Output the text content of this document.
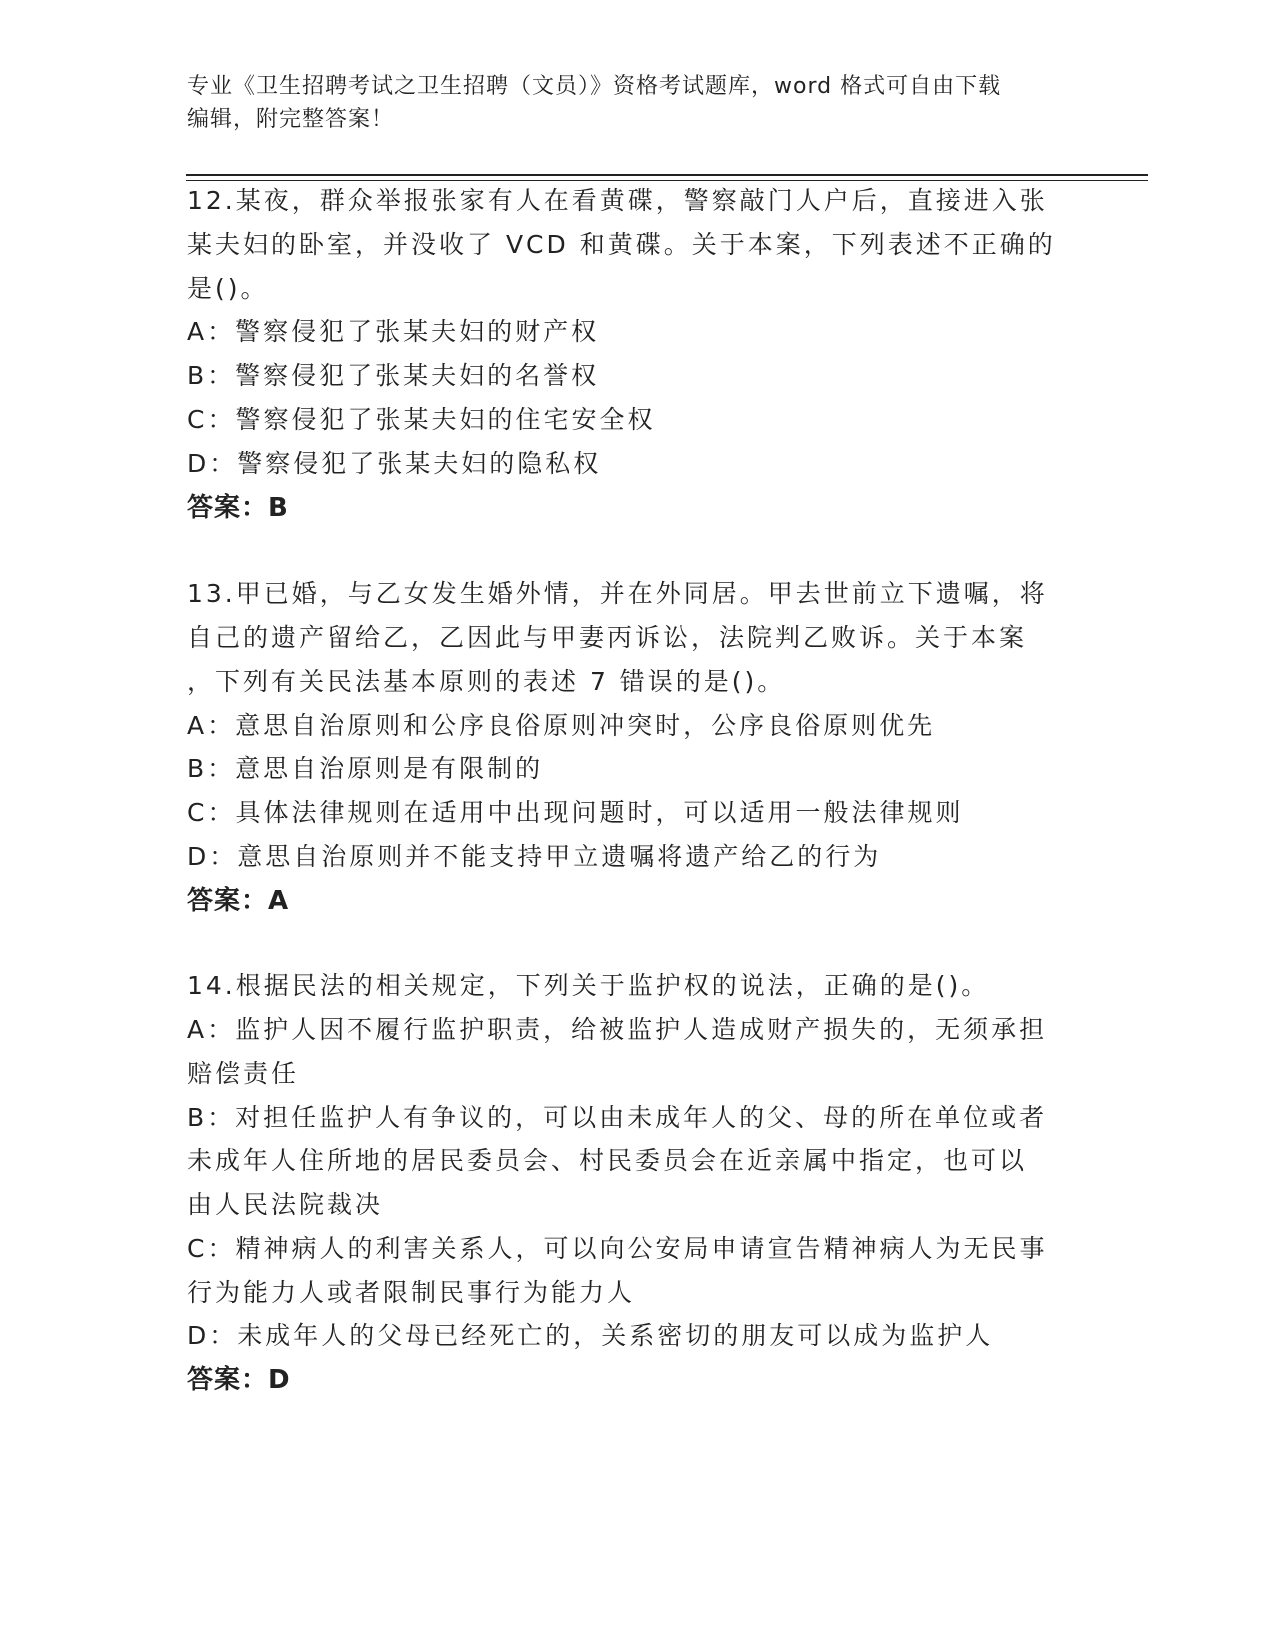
专业《卫生招聘考试之卫生招聘（文员）》资格考试题库，word 格式可自由下载
编辑，附完整答案！
12.某夜，群众举报张家有人在看黄碟，警察敲门人户后，直接进入张
某夫妇的卧室，并没收了 VCD 和黄碟。关于本案，下列表述不正确的
是()。
A：警察侵犯了张某夫妇的财产权
B：警察侵犯了张某夫妇的名誉权
C：警察侵犯了张某夫妇的住宅安全权
D：警察侵犯了张某夫妇的隐私权
答案：B
13.甲已婚，与乙女发生婚外情，并在外同居。甲去世前立下遗嘱，将
自己的遗产留给乙，乙因此与甲妻丙诉讼，法院判乙败诉。关于本案
，下列有关民法基本原则的表述 7 错误的是()。
A：意思自治原则和公序良俗原则冲突时，公序良俗原则优先
B：意思自治原则是有限制的
C：具体法律规则在适用中出现问题时，可以适用一般法律规则
D：意思自治原则并不能支持甲立遗嘱将遗产给乙的行为
答案：A
14.根据民法的相关规定，下列关于监护权的说法，正确的是()。
A：监护人因不履行监护职责，给被监护人造成财产损失的，无须承担
赔偿责任
B：对担任监护人有争议的，可以由未成年人的父、母的所在单位或者
未成年人住所地的居民委员会、村民委员会在近亲属中指定，也可以
由人民法院裁决
C：精神病人的利害关系人，可以向公安局申请宣告精神病人为无民事
行为能力人或者限制民事行为能力人
D：未成年人的父母已经死亡的，关系密切的朋友可以成为监护人
答案：D
